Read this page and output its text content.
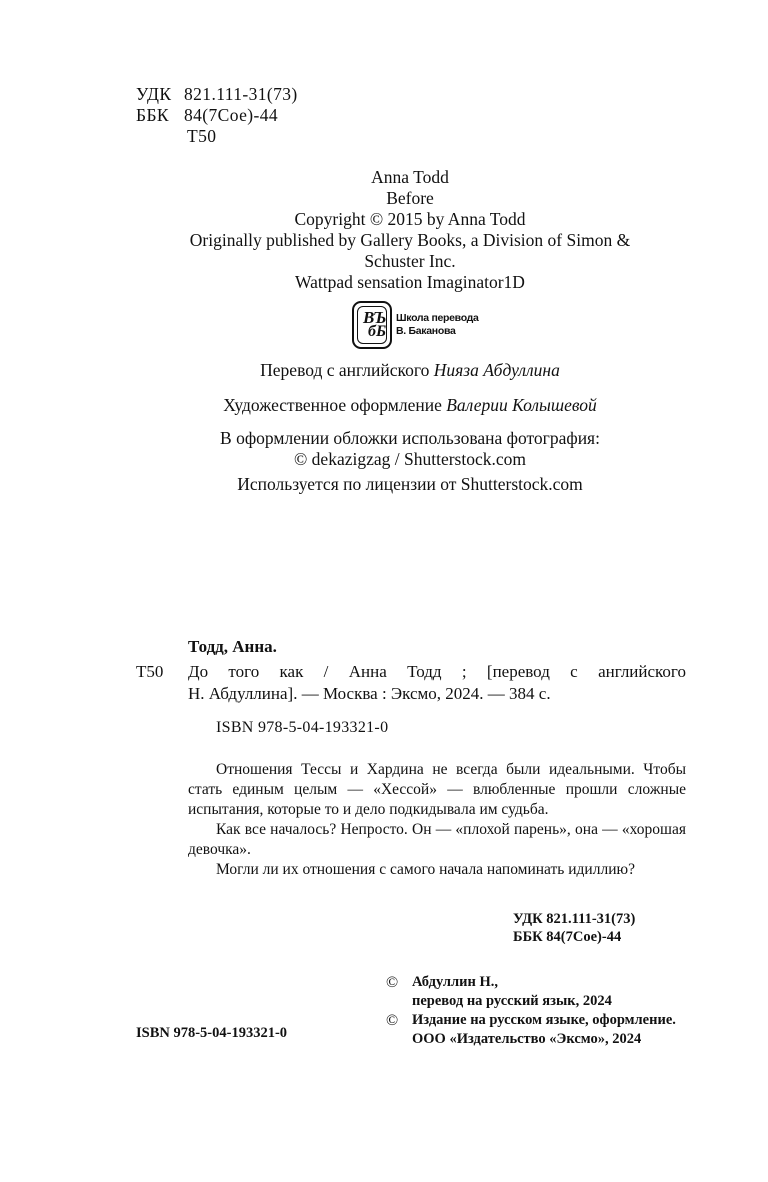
УДК 821.111-31(73)
ББК 84(7Сое)-44
Т50
Anna Todd
Before
Copyright © 2015 by Anna Todd
Originally published by Gallery Books, a Division of Simon &
Schuster Inc.
Wattpad sensation Imaginator1D
ВЪ
бБ
Школа перевода
В. Баканова
Перевод с английского Нияза Абдуллина
Художественное оформление Валерии Колышевой
В оформлении обложки использована фотография:
© dekazigzag / Shutterstock.com
Используется по лицензии от Shutterstock.com
Тодд, Анна.
Т50 До того как / Анна Тодд ; [перевод с английского
Н. Абдуллина]. — Москва : Эксмо, 2024. — 384 с.
ISBN 978-5-04-193321-0

Отношения Тессы и Хардина не всегда были идеальными. Чтобы стать единым целым — «Хессой» — влюбленные прошли сложные испытания, которые то и дело подкидывала им судьба.

Как все началось? Непросто. Он — «плохой парень», она — «хорошая девочка».

Могли ли их отношения с самого начала напоминать идиллию?

УДК 821.111-31(73)
ББК 84(7Сое)-44
© Абдуллин Н.,
перевод на русский язык, 2024
© Издание на русском языке, оформление.
ООО «Издательство «Эксмо», 2024
ISBN 978-5-04-193321-0
